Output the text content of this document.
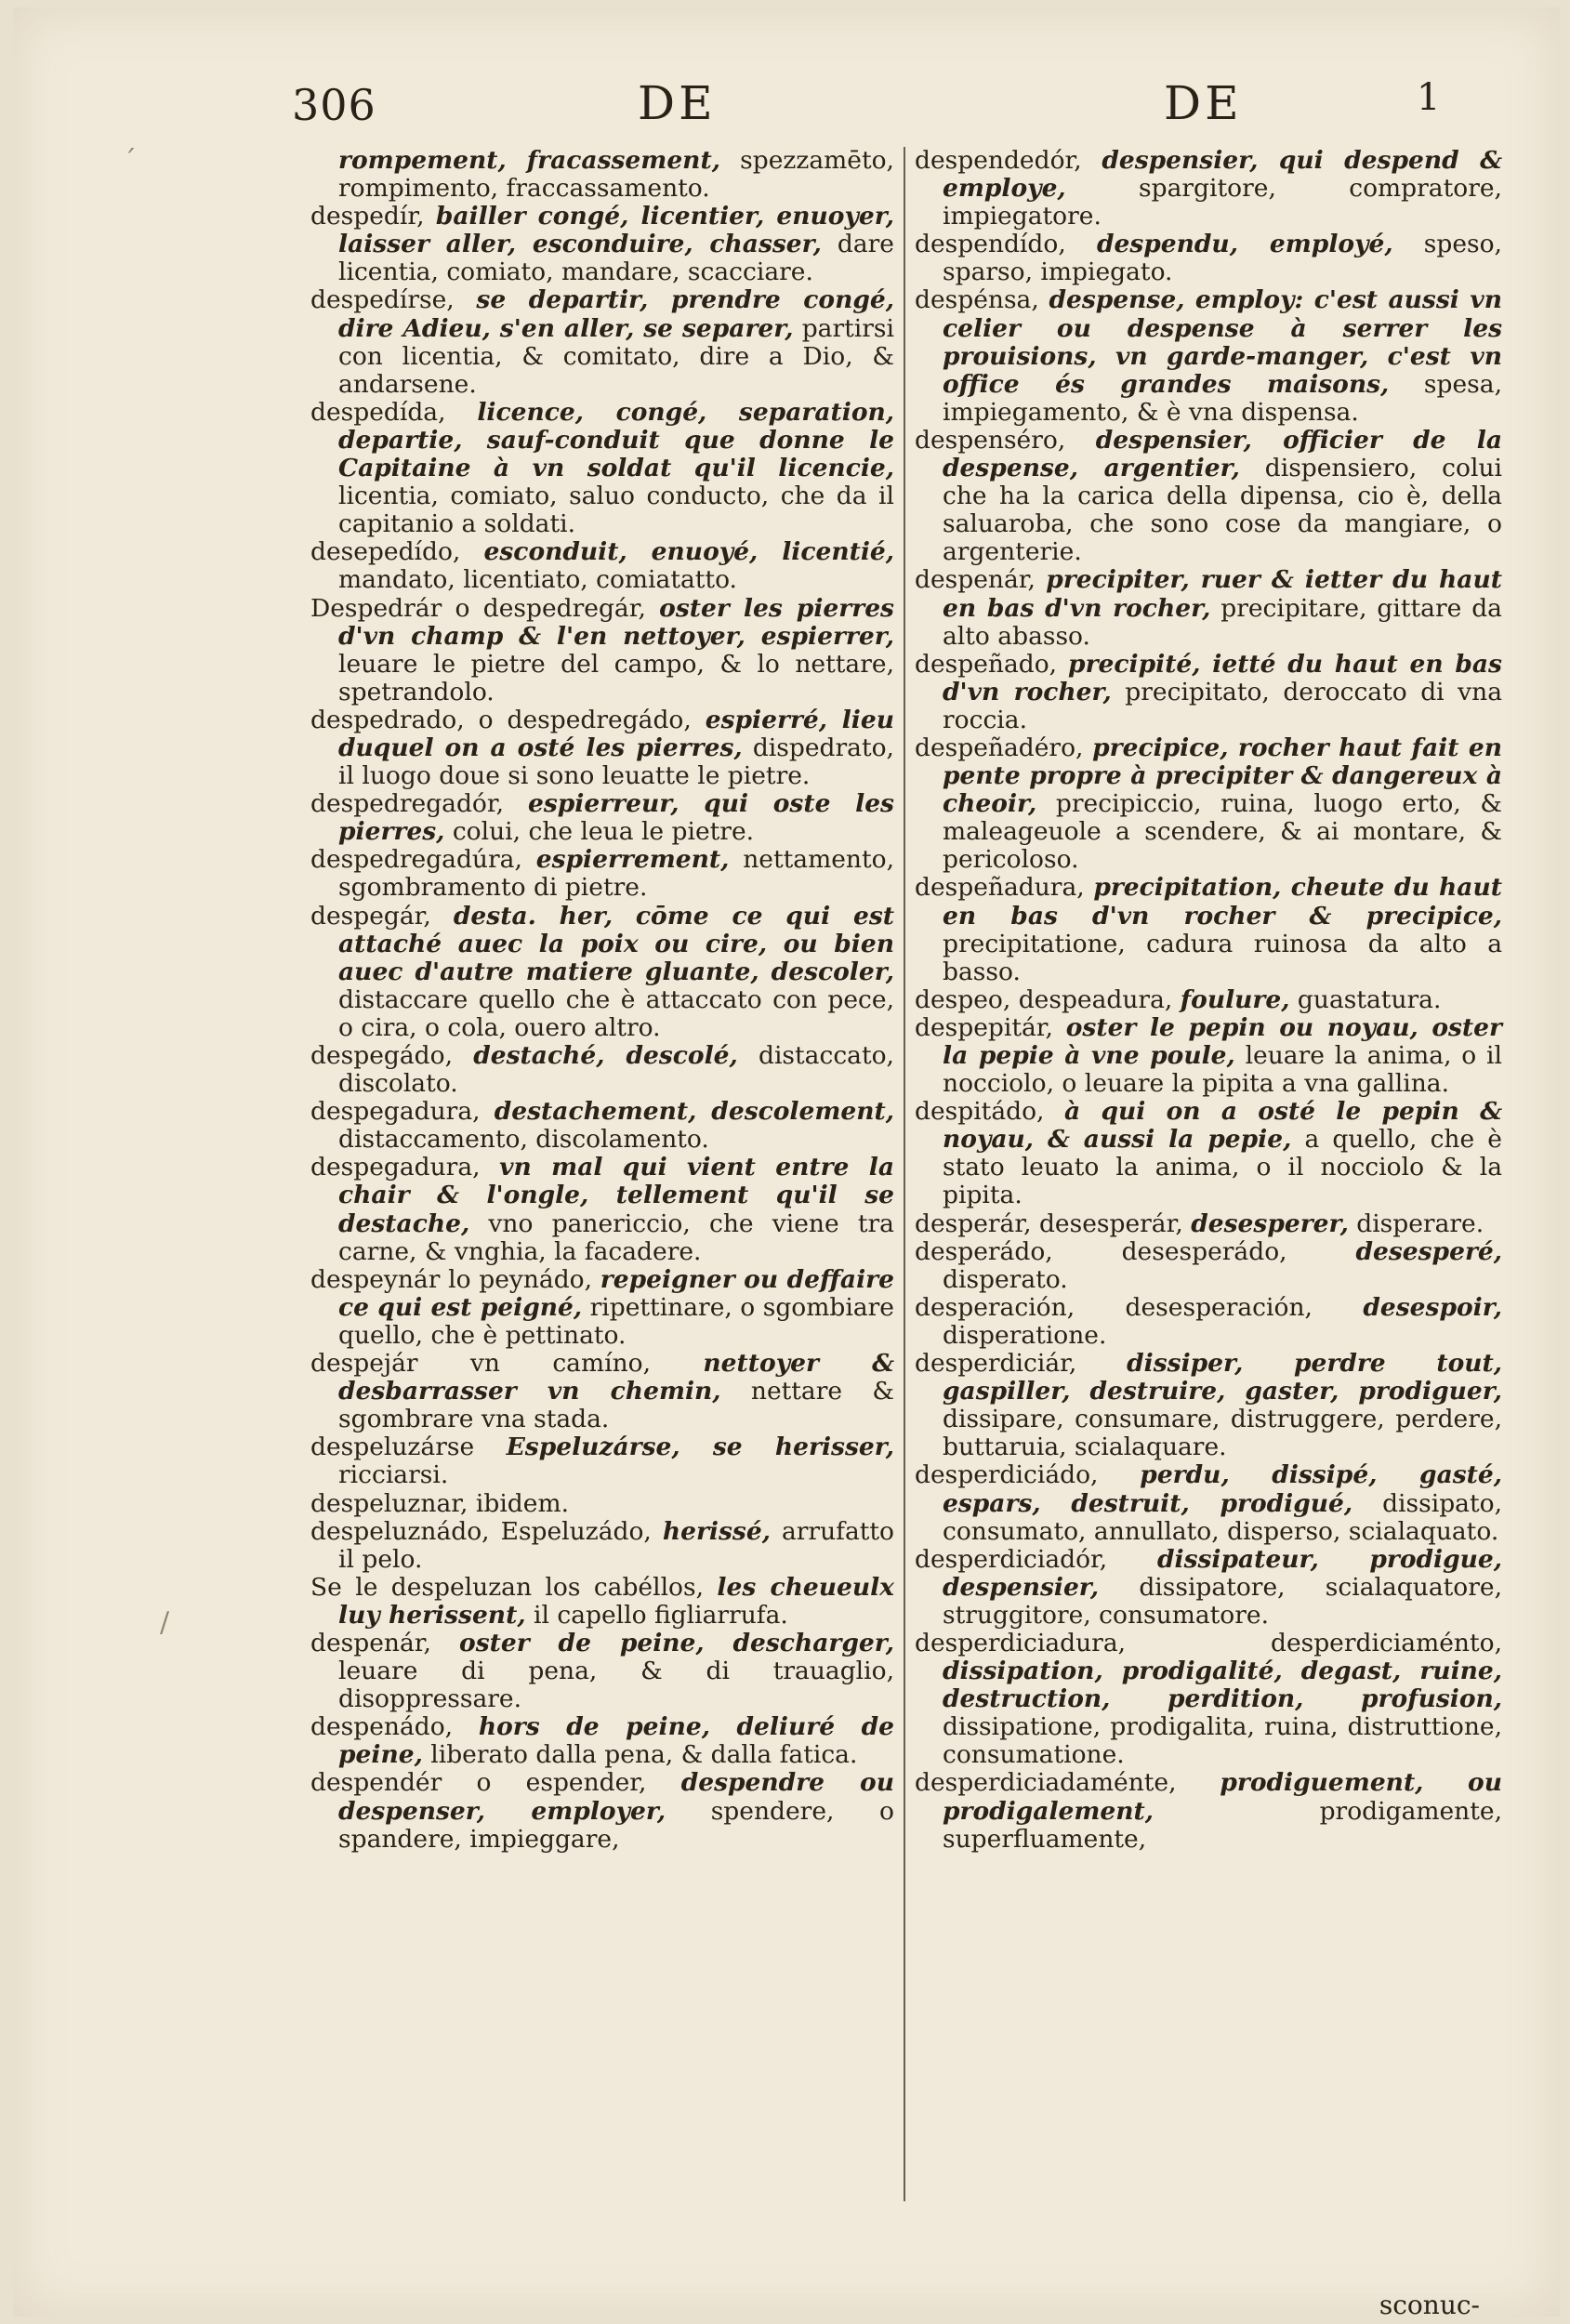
306	DE	DE	1

rompement, fracassement, spezzamēto, rompimento, fraccassamento.

despedír, bailler congé, licentier, enuoyer, laisser aller, esconduire, chasser, dare licentia, comiato, mandare, scacciare.

despedírse, se departir, prendre congé, dire Adieu, s'en aller, se separer, partirsi con licentia, & comitato, dire a Dio, & andarsene.

despedída, licence, congé, separation, departie, sauf-conduit que donne le Capitaine à vn soldat qu'il licencie, licentia, comiato, saluo conducto, che da il capitanio a soldati.

desepedído, esconduit, enuoyé, licentié, mandato, licentiato, comiatatto.

Despedrár o despedregár, oster les pierres d'vn champ & l'en nettoyer, espierrer, leuare le pietre del campo, & lo nettare, spetrandolo.

despedrado, o despedregádo, espierré, lieu duquel on a osté les pierres, dispedrato, il luogo doue si sono leuatte le pietre.

despedregadór, espierreur, qui oste les pierres, colui, che leua le pietre.

despedregadúra, espierrement, nettamento, sgombramento di pietre.

despegár, desta. her, cōme ce qui est attaché auec la poix ou cire, ou bien auec d'autre matiere gluante, descoler, distaccare quello che è attaccato con pece, o cira, o cola, ouero altro.

despegádo, destaché, descolé, distaccato, discolato.

despegadura, destachement, descolement, distaccamento, discolamento.

despegadura, vn mal qui vient entre la chair & l'ongle, tellement qu'il se destache, vno panericcio, che viene tra carne, & vnghia, la facadere.

despeynár lo peynádo, repeigner ou deffaire ce qui est peigné, ripettinare, o sgombiare quello, che è pettinato.

despejár vn camíno, nettoyer & desbarrasser vn chemin, nettare & sgombrare vna stada.

despeluzárse Espeluzárse, se herisser, ricciarsi.

despeluznar, ibidem.

despeluznádo, Espeluzádo, herissé, arrufatto il pelo.

Se le despeluzan los cabéllos, les cheueulx luy herissent, il capello figliarrufa.

despenár, oster de peine, descharger, leuare di pena, & di trauaglio, disoppressare.

despenádo, hors de peine, deliuré de peine, liberato dalla pena, & dalla fatica.

despendér o espender, despendre ou despenser, employer, spendere, o spandere, impieggare,

despendedór, despensier, qui despend & employe,	spargitore, compratore, impiegatore.

despendído, despendu, employé, speso, sparso, impiegato.

despénsa, despense, employ: c'est aussi vn celier ou despense à serrer les prouisions, vn garde-manger, c'est vn office és grandes maisons, spesa, impiegamento, & è vna dispensa.

despenséro, despensier, officier de la despense, argentier, dispensiero, colui che ha la carica della dipensa, cio è, della saluaroba, che sono cose da mangiare, o argenterie.

despenár, precipiter, ruer & ietter du haut en bas d'vn rocher, precipitare, gittare da alto abasso.

despeñado, precipité, ietté du haut en bas d'vn rocher, precipitato, deroccato di vna roccia.

despeñadéro, precipice, rocher haut fait en pente propre à precipiter & dangereux à cheoir, precipiccio, ruina, luogo erto, & maleageuole a scendere, & ai montare, & pericoloso.

despeñadura, precipitation, cheute du haut en bas d'vn rocher & precipice, precipitatione, cadura ruinosa da alto a basso.

despeo, despeadura, foulure, guastatura.

despepitár, oster le pepin ou noyau, oster la pepie à vne poule, leuare la anima, o il nocciolo, o leuare la pipita a vna gallina.

despitádo, à qui on a osté le pepin & noyau, & aussi la pepie, a quello, che è stato leuato la anima, o il nocciolo & la pipita.

desperár, desesperár, desesperer, disperare.

desperádo, desesperádo,	desesperé, disperato.

desperación, desesperación, desespoir, disperatione.

desperdiciár, dissiper, perdre tout, gaspiller, destruire, gaster, prodiguer, dissipare, consumare, distruggere, perdere, buttaruia, scialaquare.

desperdiciádo, perdu, dissipé, gasté, espars, destruit, prodigué, dissipato, consumato, annullato, disperso, scialaquato.

desperdiciadór, dissipateur, prodigue, despensier, dissipatore, scialaquatore, struggitore, consumatore.

desperdiciadura, desperdiciaménto, dissipation, prodigalité, degast, ruine, destruction, perdition, profusion, dissipatione, prodigalita, ruina, distruttione, consumatione.

desperdiciadaménte, prodiguement, ou prodigalement,	prodigamente, superfluamente,

sconuc-
´
/
